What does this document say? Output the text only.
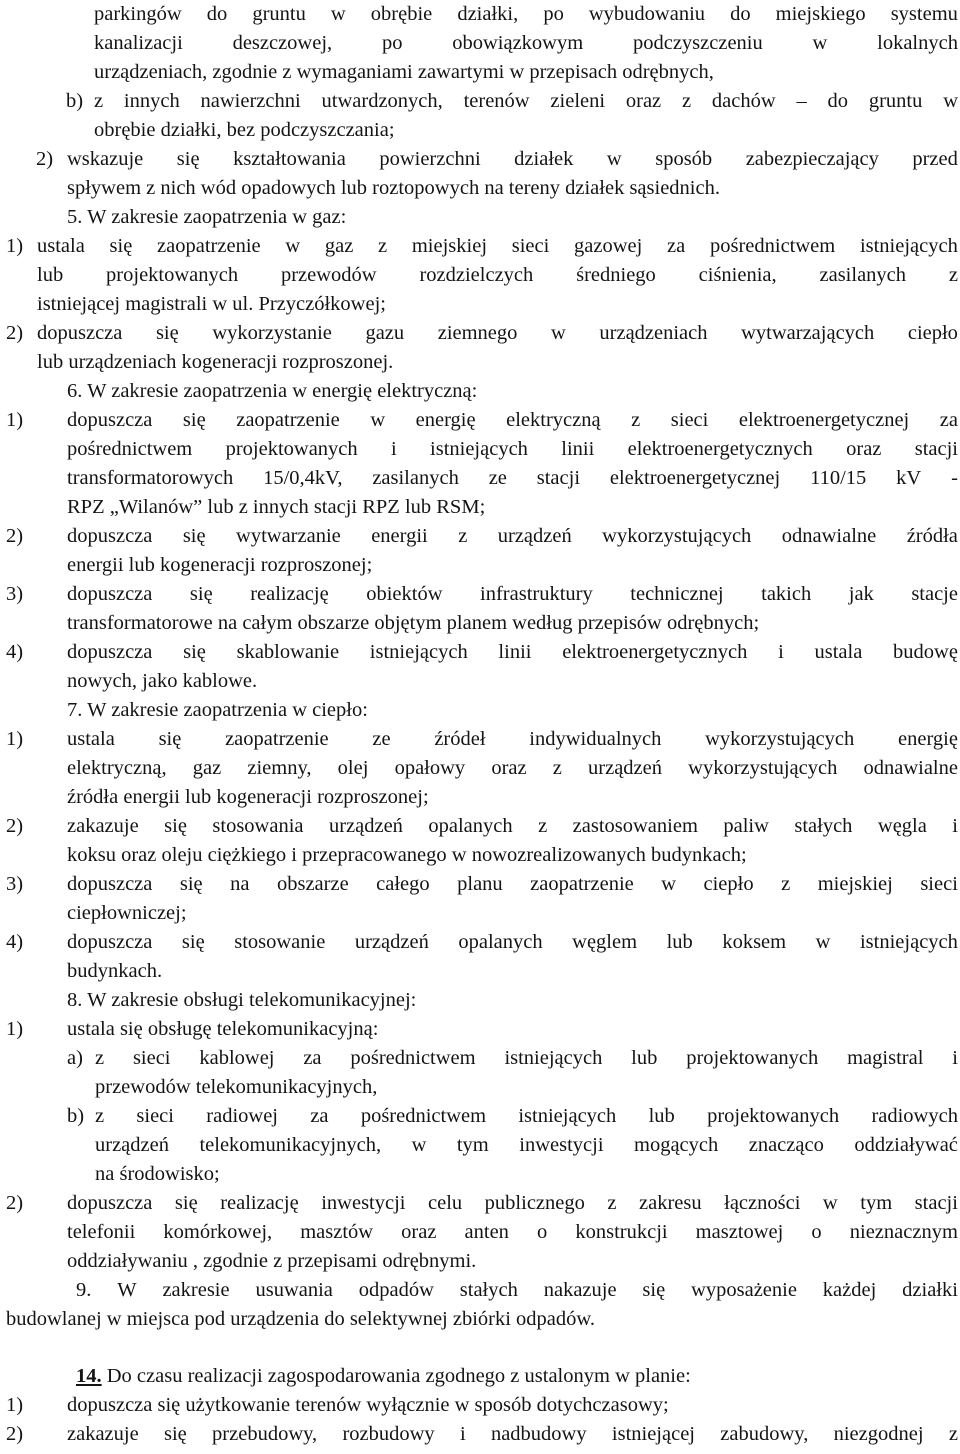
parkingów do gruntu w obrębie działki, po wybudowaniu do miejskiego systemu
kanalizacji deszczowej, po obowiązkowym podczyszczeniu w lokalnych
urządzeniach, zgodnie z wymaganiami zawartymi w przepisach odrębnych,
b) z innych nawierzchni utwardzonych, terenów zieleni oraz z dachów – do gruntu w
obrębie działki, bez podczyszczania;
2) wskazuje się kształtowania powierzchni działek w sposób zabezpieczający przed
spływem z nich wód opadowych lub roztopowych na tereny działek sąsiednich.
5. W zakresie zaopatrzenia w gaz:
1) ustala się zaopatrzenie w gaz z miejskiej sieci gazowej za pośrednictwem istniejących
lub projektowanych przewodów rozdzielczych średniego ciśnienia, zasilanych z
istniejącej magistrali w ul. Przyczółkowej;
2) dopuszcza się wykorzystanie gazu ziemnego w urządzeniach wytwarzających ciepło
lub urządzeniach kogeneracji rozproszonej.
6. W zakresie zaopatrzenia w energię elektryczną:
1) dopuszcza się zaopatrzenie w energię elektryczną z sieci elektroenergetycznej za
pośrednictwem projektowanych i istniejących linii elektroenergetycznych oraz stacji
transformatorowych 15/0,4kV, zasilanych ze stacji elektroenergetycznej 110/15 kV -
RPZ „Wilanów” lub z innych stacji RPZ lub RSM;
2) dopuszcza się wytwarzanie energii z urządzeń wykorzystujących odnawialne źródła
energii lub kogeneracji rozproszonej;
3) dopuszcza się realizację obiektów infrastruktury technicznej takich jak stacje
transformatorowe na całym obszarze objętym planem według przepisów odrębnych;
4) dopuszcza się skablowanie istniejących linii elektroenergetycznych i ustala budowę
nowych, jako kablowe.
7. W zakresie zaopatrzenia w ciepło:
1) ustala się zaopatrzenie ze źródeł indywidualnych wykorzystujących energię
elektryczną, gaz ziemny, olej opałowy oraz z urządzeń wykorzystujących odnawialne
źródła energii lub kogeneracji rozproszonej;
2) zakazuje się stosowania urządzeń opalanych z zastosowaniem paliw stałych węgla i
koksu oraz oleju ciężkiego i przepracowanego w nowozrealizowanych budynkach;
3) dopuszcza się na obszarze całego planu zaopatrzenie w ciepło z miejskiej sieci
ciepłowniczej;
4) dopuszcza się stosowanie urządzeń opalanych węglem lub koksem w istniejących
budynkach.
8. W zakresie obsługi telekomunikacyjnej:
1) ustala się obsługę telekomunikacyjną:
a) z sieci kablowej za pośrednictwem istniejących lub projektowanych magistral i
przewodów telekomunikacyjnych,
b) z sieci radiowej za pośrednictwem istniejących lub projektowanych radiowych
urządzeń telekomunikacyjnych, w tym inwestycji mogących znacząco oddziaływać
na środowisko;
2) dopuszcza się realizację inwestycji celu publicznego z zakresu łączności w tym stacji
telefonii komórkowej, masztów oraz anten o konstrukcji masztowej o nieznacznym
oddziaływaniu , zgodnie z przepisami odrębnymi.
9. W zakresie usuwania odpadów stałych nakazuje się wyposażenie każdej działki
budowlanej w miejsca pod urządzenia do selektywnej zbiórki odpadów.
14. Do czasu realizacji zagospodarowania zgodnego z ustalonym w planie:
1) dopuszcza się użytkowanie terenów wyłącznie w sposób dotychczasowy;
2) zakazuje się przebudowy, rozbudowy i nadbudowy istniejącej zabudowy, niezgodnej z
